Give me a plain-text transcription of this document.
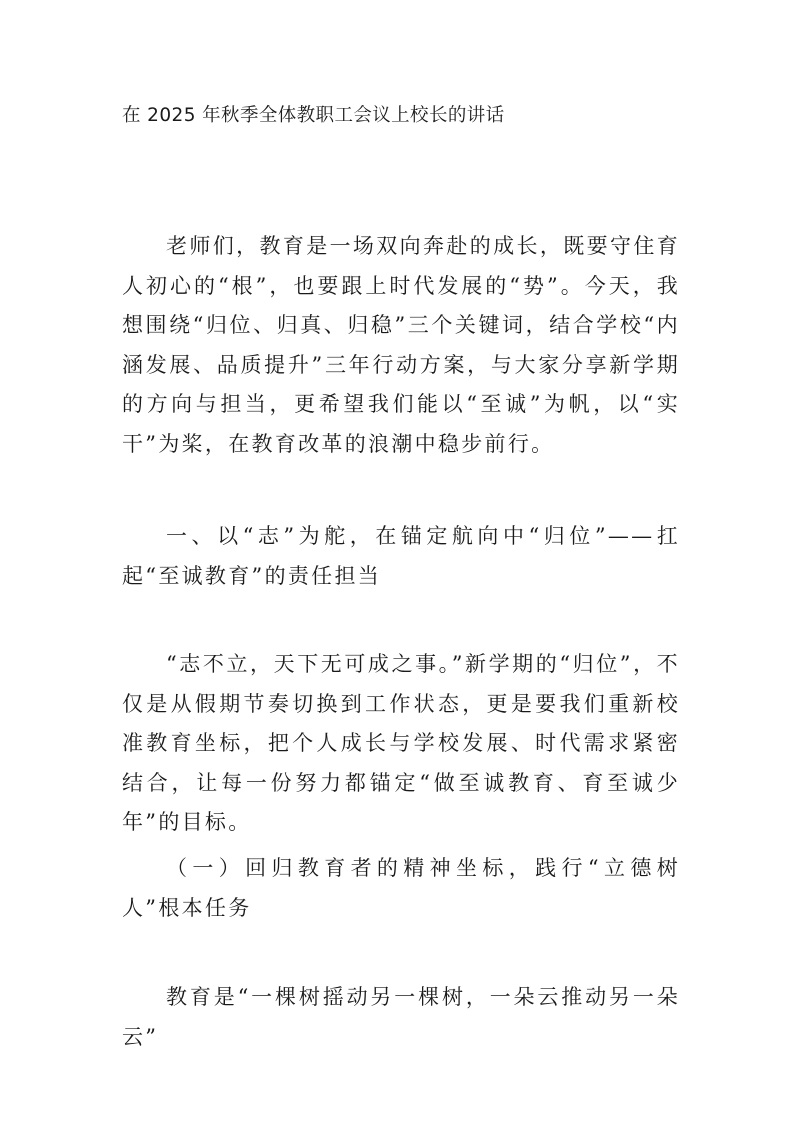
在 2025 年秋季全体教职工会议上校长的讲话

老师们，教育是一场双向奔赴的成长，既要守住育人初心的“根”，也要跟上时代发展的“势”。今天，我想围绕“归位、归真、归稳”三个关键词，结合学校“内涵发展、品质提升”三年行动方案，与大家分享新学期的方向与担当，更希望我们能以“至诚”为帆，以“实干”为桨，在教育改革的浪潮中稳步前行。

一、以“志”为舵，在锚定航向中“归位”——扛起“至诚教育”的责任担当

“志不立，天下无可成之事。”新学期的“归位”，不仅是从假期节奏切换到工作状态，更是要我们重新校准教育坐标，把个人成长与学校发展、时代需求紧密结合，让每一份努力都锚定“做至诚教育、育至诚少年”的目标。

（一）回归教育者的精神坐标，践行“立德树人”根本任务

教育是“一棵树摇动另一棵树，一朵云推动另一朵云”
